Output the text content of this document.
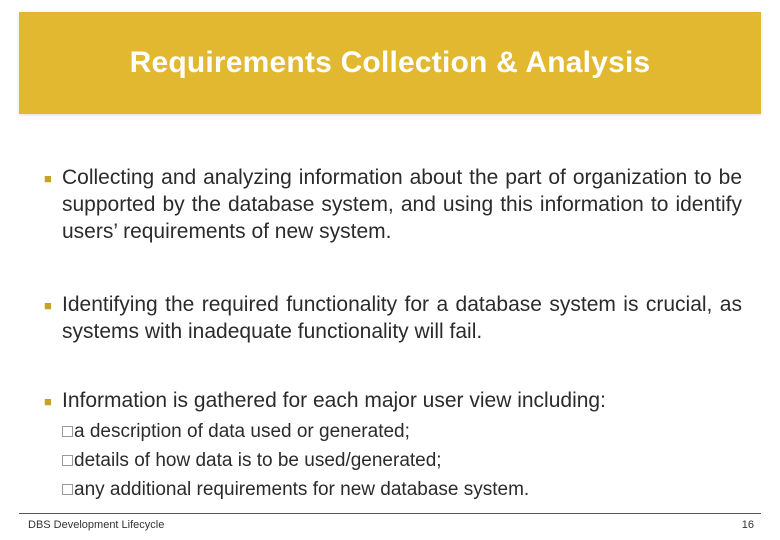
Requirements Collection & Analysis
■ Collecting and analyzing information about the part of organization to be supported by the database system, and using this information to identify users’ requirements of new system.
■ Identifying the required functionality for a database system is crucial, as systems with inadequate functionality will fail.
■ Information is gathered for each major user view including:
a description of data used or generated;
details of how data is to be used/generated;
any additional requirements for new database system.
DBS Development Lifecycle	16
